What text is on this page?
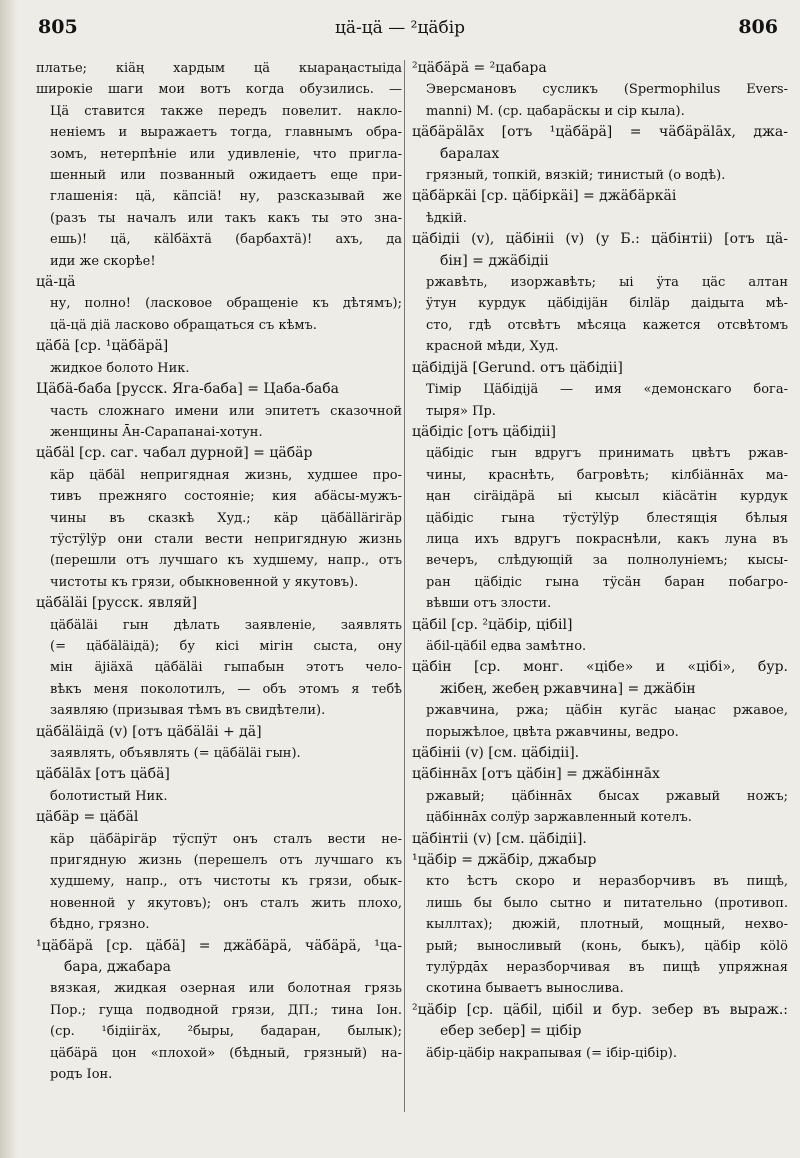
805	цä-цä — ²цäбір	806
платье; кіäң хардым цä кыараңастыіда
широкіе шаги мои вотъ когда обузились. —
Цä ставится также передъ повелит. накло-
неніемъ и выражаетъ тогда, главнымъ обра-
зомъ, нетерпѣніе или удивленіе, что пригла-
шенный или позванный ожидаетъ еще при-
глашенія: цä, кäпсіä! ну, разсказывай же
(разъ ты началъ или такъ какъ ты это зна-
ешь)! цä, кälбäхтä (барбахтä)! ахъ, да
иди же скорѣе!
цä-цä
ну, полно! (ласковое обращеніе къ дѣтямъ);
цä-цä діä ласково обращаться съ кѣмъ.
цäбä [ср. ¹цäбäрä]
жидкое болото Ник.
Цäбä-баба [русск. Яга-баба] = Цаба-баба
часть сложнаго имени или эпитетъ сказочной
женщины Āн-Сарапанаі-хотун.
цäбäl [ср. саг. чабал дурной] = цäбäр
кäр цäбäl непригядная жизнь, худшее про-
тивъ прежняго состояніе; кия абäсы-мужъ-
чины въ сказкѣ Худ.; кäр цäбällärігäр
тÿстÿlÿр они стали вести непригядную жизнь
(перешли отъ лучшаго къ худшему, напр., отъ
чистоты къ грязи, обыкновенной у якутовъ).
цäбäläі [русск. являй]
цäбäläі гын дѣлать заявленіе, заявлять
(= цäбäläідä); бу кісі мігін сыста, ону
мін äjiäxä цäбäläі гыпабын этотъ чело-
вѣкъ меня поколотилъ, — объ этомъ я тебѣ
заявляю (призывая тѣмъ въ свидѣтели).
цäбäläідä (v) [отъ цäбäläі + дä]
заявлять, объявлять (= цäбäläі гын).
цäбälāx [отъ цäбä]
болотистый Ник.
цäбäр = цäбäl
кäр цäбäрігäр тÿспÿт онъ сталъ вести не-
пригядную жизнь (перешелъ отъ лучшаго къ
худшему, напр., отъ чистоты къ грязи, обык-
новенной у якутовъ); онъ сталъ жить плохо,
бѣдно, грязно.
¹цäбäрä [ср. цäбä] = джäбäрä, чäбäрä, ¹ца-
бара, джабара
вязкая, жидкая озерная или болотная грязь
Пор.; гуща подводной грязи, ДП.; тина Іон.
(ср. ¹бідіігäх, ²быры, бадаран, былык);
цäбäрä цон «плохой» (бѣдный, грязный) на-
родъ Іон.
²цäбäрä = ²цабара
Эверсмановъ сусликъ (Spermophilus Evers-
manni) М. (ср. цабарäскы и сір кыла).
цäбäрälāx [отъ ¹цäбäрä] = чäбäрälāx, джа-
баралах
грязный, топкій, вязкій; тинистый (о водѣ).
цäбäркäі [ср. цäбіркäі] = джäбäркäі
ѣдкій.
цäбідіі (v), цäбініі (v) (у Б.: цäбінтіі) [отъ цä-
бін] = джäбідіі
ржавѣть, изоржавѣть; ыі ÿта цäс алтан
ÿтун курдук цäбідіjäн білläр даідыта мѣ-
сто, гдѣ отсвѣтъ мѣсяца кажется отсвѣтомъ
красной мѣди, Худ.
цäбідіjä [Gerund. отъ цäбідіі]
Тімір Цäбідіjä — имя «демонскаго бога-
тыря» Пр.
цäбідіс [отъ цäбідіі]
цäбідіс гын вдругъ принимать цвѣтъ ржав-
чины, краснѣть, багровѣть; кілбіäннāх ма-
ңан сіräідäрä ыі кысыл кіäсäтін курдук
цäбідіс гына тÿстÿlÿр блестящія бѣлыя
лица ихъ вдругъ покраснѣли, какъ луна въ
вечеръ, слѣдующій за полнолуніемъ; кысы-
ран цäбідіс гына тÿсäн баран побагро-
вѣвши отъ злости.
цäбіl [ср. ²цäбір, цібіl]
äбіl-цäбіl едва замѣтно.
цäбін [ср. монг. «цібе» и «цібі», бур.
жібең, жебең ржавчина] = джäбін
ржавчина, ржа; цäбін кугäс ыаңас ржавое,
порыжѣлое, цвѣта ржавчины, ведро.
цäбініі (v) [см. цäбідіі].
цäбіннāх [отъ цäбін] = джäбіннāх
ржавый; цäбіннāх бысах ржавый ножъ;
цäбіннāх солÿр заржавленный котелъ.
цäбінтіі (v) [см. цäбідіі].
¹цäбір = джäбір, джабыр
кто ѣстъ скоро и неразборчивъ въ пищѣ,
лишь бы было сытно и питательно (противоп.
кыллтах); дюжій, плотный, мощный, нехво-
рый; выносливый (конь, быкъ), цäбір кölö
тулÿрдāх неразборчивая въ пищѣ упряжная
скотина бываетъ вынослива.
²цäбір [ср. цäбіl, цібіl и бур. зебер въ выраж.:
ебер зебер] = цібір
äбір-цäбір накрапывая (= ібір-цібір).
